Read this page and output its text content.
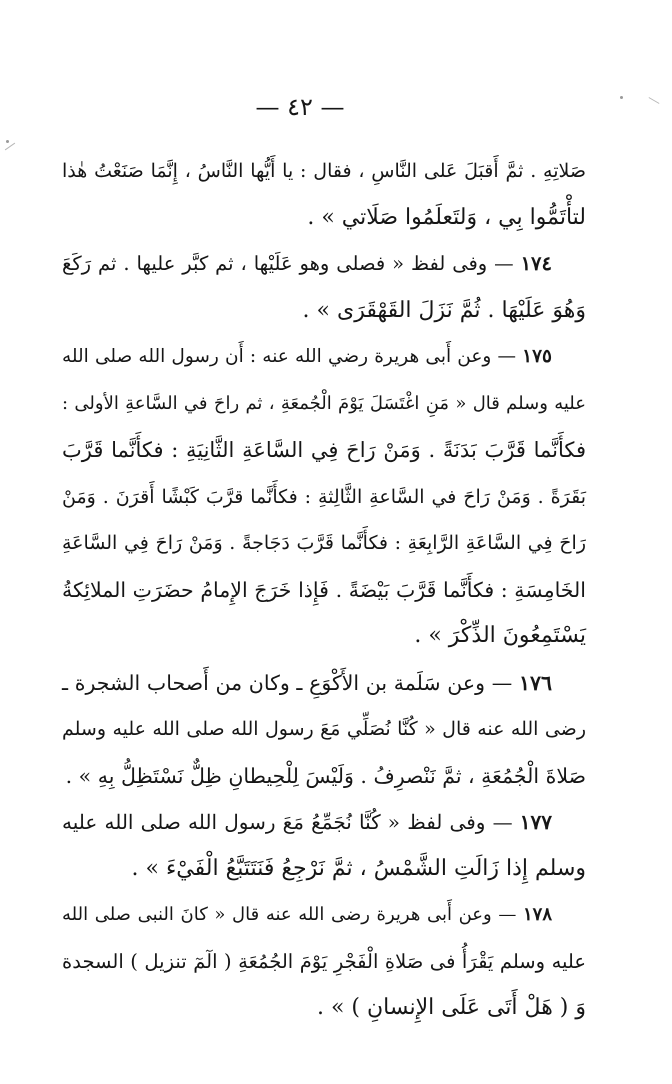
— ٤٢ —
صَلاتِهِ . ثمَّ أَقبَلَ عَلى النَّاسِ ، فقال : يا أَيُّها النَّاسُ ، إِنَّمَا صَنَعْتُ هٰذا
لتأْتَمُّوا بِي ، وَلتَعلَمُوا صَلَاتي » .
١٧٤ — وفى لفظ « فصلى وهو عَلَيْها ، ثم كبَّر عليها . ثم رَكَعَ
وَهُوَ عَلَيْهَا . ثُمَّ نَزَلَ القَهْقَرَى » .
١٧٥ — وعن أَبى هريرة رضي الله عنه : أَن رسول الله صلى الله
عليه وسلم قال « مَنِ اغْتَسَلَ يَوْمَ الْجُمعَةِ ، ثم راحَ في السَّاعةِ الأولى :
فكأَنَّما قَرَّبَ بَدَنَةً . وَمَنْ رَاحَ فِي السَّاعَةِ الثَّانِيَةِ : فكأَنَّما قَرَّبَ
بَقَرَةً . وَمَنْ رَاحَ في السَّاعةِ الثَّالِثةِ : فكأَنَّما قرَّبَ كَبْشًا أَقرَنَ . وَمَنْ
رَاحَ فِي السَّاعَةِ الرَّابِعَةِ : فكأَنَّما قَرَّبَ دَجَاجةً . وَمَنْ رَاحَ فِي السَّاعَةِ
الخَامِسَةِ : فكأَنَّما قَرَّبَ بَيْضَةً . فَإِذا خَرَجَ الإِمامُ حضَرَتِ الملائِكةُ
يَسْتَمِعُونَ الذِّكْرَ » .
١٧٦ — وعن سَلَمة بن الأَكْوَعِ ـ وكان من أَصحاب الشجرة ـ
رضى الله عنه قال « كُنَّا نُصَلِّي مَعَ رسول الله صلى الله عليه وسلم
صَلاةَ الْجُمُعَةِ ، ثمَّ نَنْصرِفُ . وَلَيْسَ لِلْحِيطانِ ظِلٌّ نَسْتَظِلُّ بِهِ » .
١٧٧ — وفى لفظ « كُنَّا نُجَمِّعُ مَعَ رسول الله صلى الله عليه
وسلم إِذا زَالَتِ الشَّمْسُ ، ثمَّ نَرْجِعُ فَنَتَتَبَّعُ الْفَيْءَ » .
١٧٨ — وعن أَبى هريرة رضى الله عنه قال « كانَ النبى صلى الله
عليه وسلم يَقْرَأُ فى صَلاةِ الْفَجْرِ يَوْمَ الجُمُعَةِ ( الٓمٓ تنزيل ) السجدة
وَ ( هَلْ أَتَى عَلَى الإِنسانِ ) » .
